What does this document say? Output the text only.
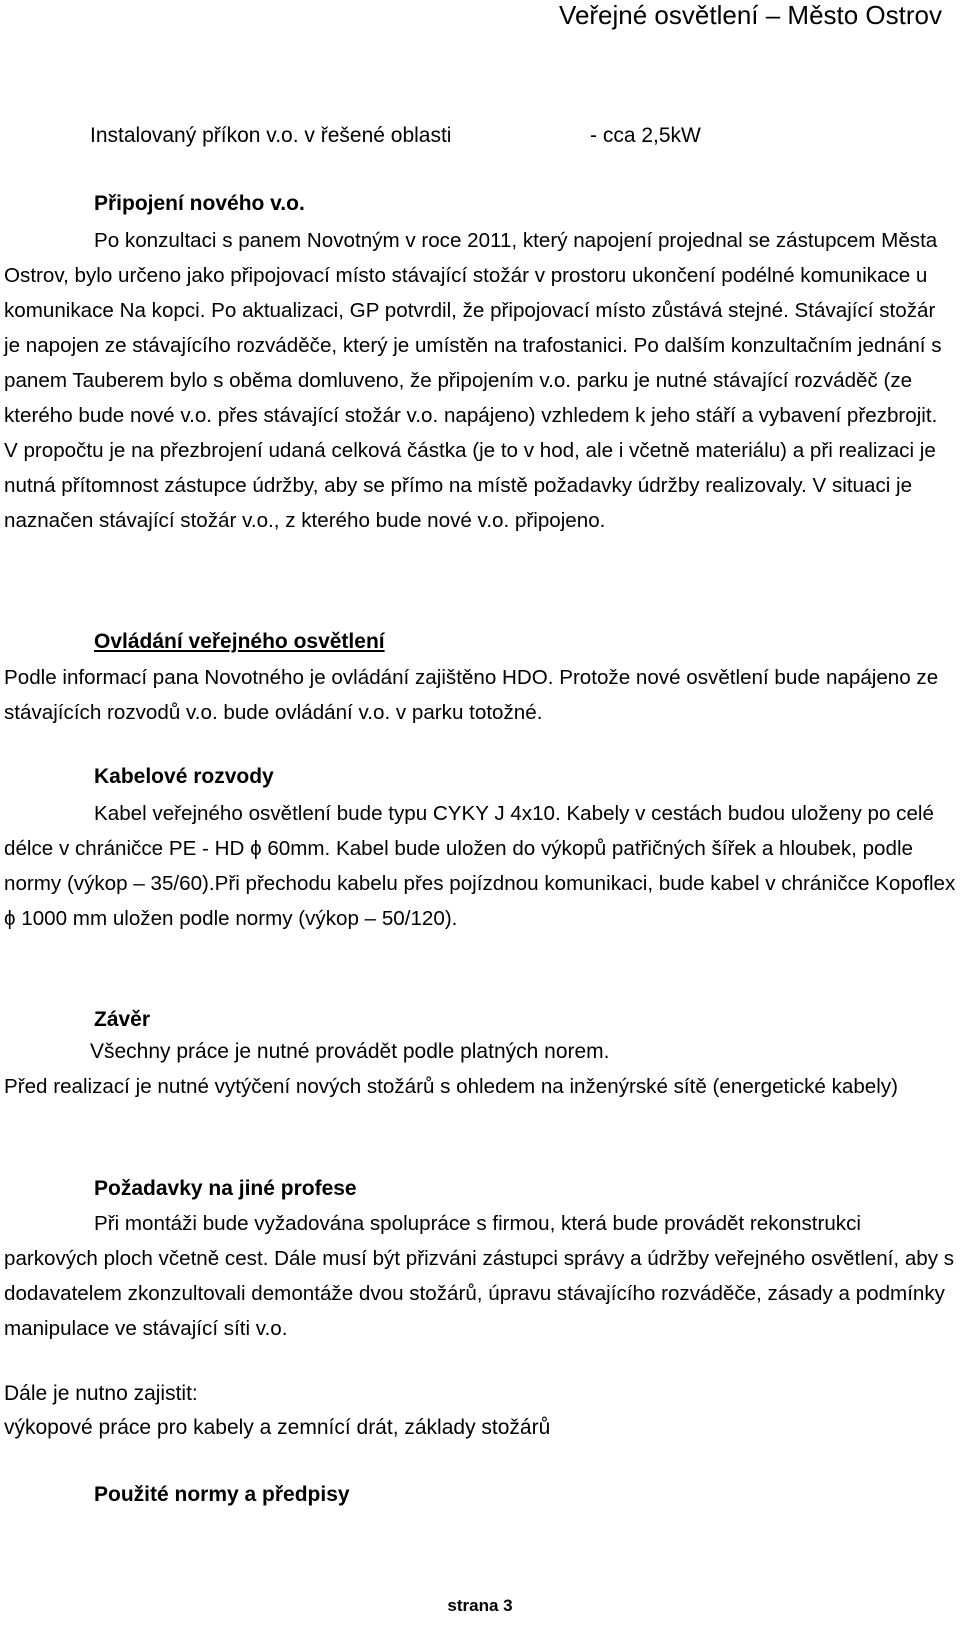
Veřejné osvětlení – Město Ostrov
Instalovaný příkon v.o. v řešené oblasti	- cca 2,5kW
Připojení nového v.o.
Po konzultaci s panem Novotným v roce 2011, který napojení projednal se zástupcem Města Ostrov, bylo určeno jako připojovací místo stávající stožár v prostoru ukončení podélné komunikace u komunikace Na kopci. Po aktualizaci, GP potvrdil, že připojovací místo zůstává stejné. Stávající stožár je napojen ze stávajícího rozváděče, který je umístěn na trafostanici. Po dalším konzultačním jednání s panem Tauberem bylo s oběma domluveno, že připojením v.o. parku je nutné stávající rozváděč (ze kterého bude nové v.o. přes stávající stožár v.o. napájeno) vzhledem k jeho stáří a vybavení přezbrojit. V propočtu je na přezbrojení udaná celková částka (je to v hod, ale i včetně materiálu) a při realizaci je nutná přítomnost zástupce údržby, aby se přímo na místě požadavky údržby realizovaly. V situaci je naznačen stávající stožár v.o., z kterého bude nové v.o. připojeno.
Ovládání veřejného osvětlení
Podle informací pana Novotného je ovládání zajištěno HDO. Protože nové osvětlení bude napájeno ze stávajících rozvodů v.o. bude ovládání v.o. v parku totožné.
Kabelové rozvody
Kabel veřejného osvětlení bude typu CYKY J 4x10. Kabely v cestách budou uloženy po celé délce v chráničce PE - HD ϕ 60mm. Kabel bude uložen do výkopů patřičných šířek a hloubek, podle normy (výkop – 35/60).Při přechodu kabelu přes pojízdnou komunikaci, bude kabel v chráničce Kopoflex ϕ 1000 mm uložen podle normy (výkop – 50/120).
Závěr
Všechny práce je nutné provádět podle platných norem.
Před realizací je nutné vytýčení nových stožárů s ohledem na inženýrské sítě (energetické kabely)
Požadavky na jiné profese
Při montáži bude vyžadována spolupráce s firmou, která bude provádět rekonstrukci parkových ploch včetně cest. Dále musí být přizváni zástupci správy a údržby veřejného osvětlení, aby s dodavatelem zkonzultovali demontáže dvou stožárů, úpravu stávajícího rozváděče, zásady a podmínky manipulace ve stávající síti v.o.
Dále je nutno zajistit:
výkopové práce pro kabely a zemnící drát, základy stožárů
Použité normy a předpisy
strana 3
